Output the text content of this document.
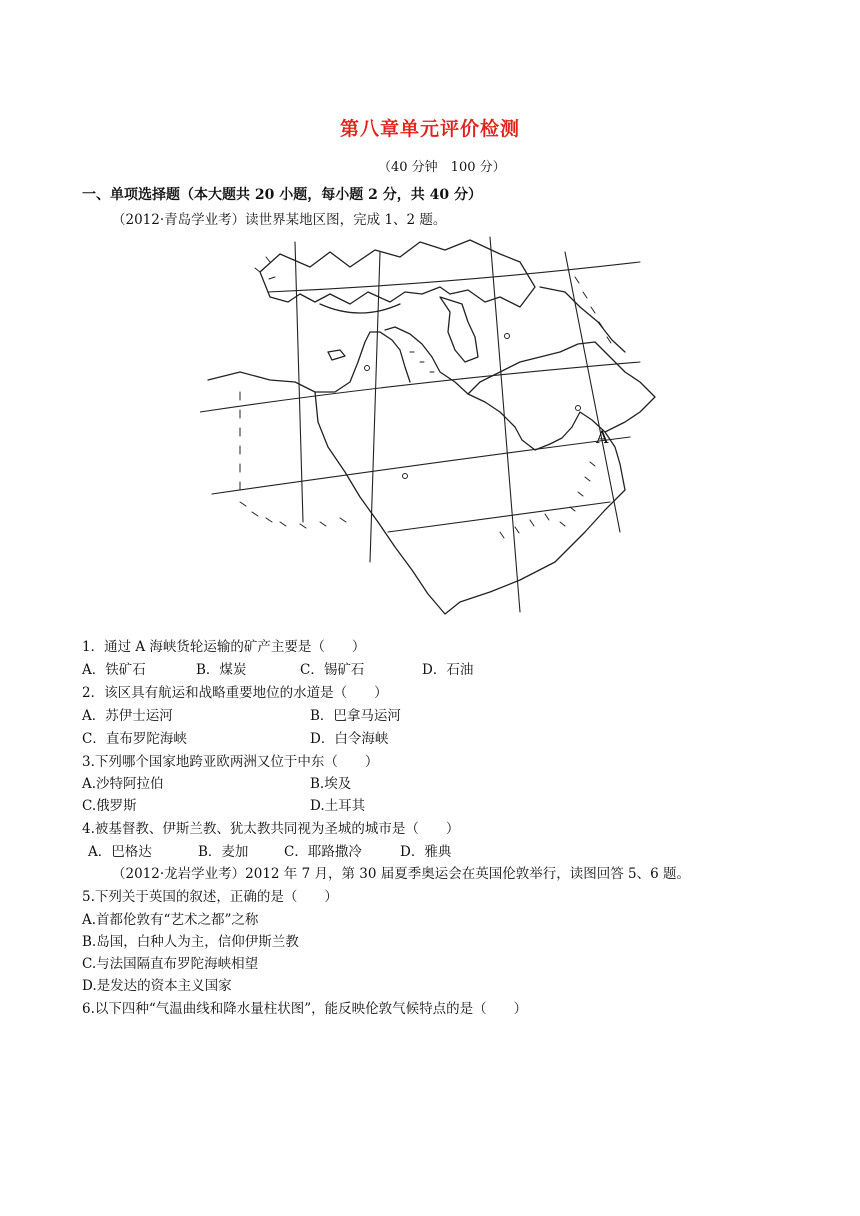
第八章单元评价检测
（40 分钟　100 分）
一、单项选择题（本大题共 20 小题，每小题 2 分，共 40 分）
（2012·青岛学业考）读世界某地区图，完成 1、2 题。
A
1．通过 A 海峡货轮运输的矿产主要是（　　）
A．铁矿石	B．煤炭	C．锡矿石	D．石油
2．该区具有航运和战略重要地位的水道是（　　）
A．苏伊士运河	B．巴拿马运河
C．直布罗陀海峡	D．白令海峡
3.下列哪个国家地跨亚欧两洲又位于中东（　　）
A.沙特阿拉伯	B.埃及
C.俄罗斯	D.土耳其
4.被基督教、伊斯兰教、犹太教共同视为圣城的城市是（　　）
A．巴格达	B．麦加	C．耶路撒冷	D．雅典
（2012·龙岩学业考）2012 年 7 月，第 30 届夏季奥运会在英国伦敦举行，读图回答 5、6 题。
5.下列关于英国的叙述，正确的是（　　）
A.首都伦敦有“艺术之都”之称
B.岛国，白种人为主，信仰伊斯兰教
C.与法国隔直布罗陀海峡相望
D.是发达的资本主义国家
6.以下四种“气温曲线和降水量柱状图”，能反映伦敦气候特点的是（　　）
